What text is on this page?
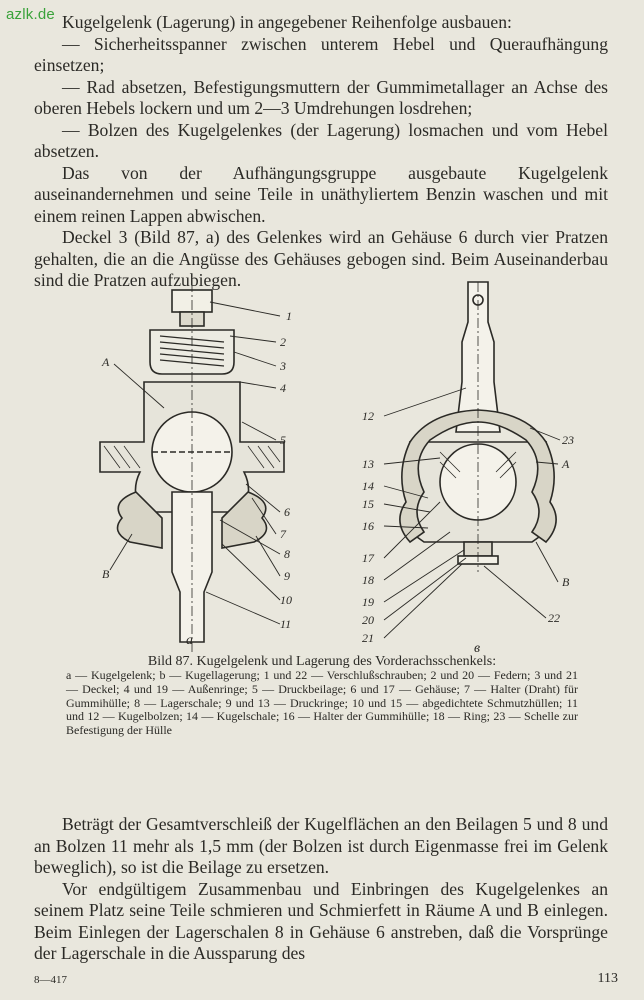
azlk.de Kugelgelenk (Lagerung) in angegebener Reihenfolge ausbauen:

— Sicherheitsspanner zwischen unterem Hebel und Queraufhängung einsetzen;

— Rad absetzen, Befestigungsmuttern der Gummimetallager an Achse des oberen Hebels lockern und um 2—3 Umdrehungen losdrehen;

— Bolzen des Kugelgelenkes (der Lagerung) losmachen und vom Hebel absetzen.

Das von der Aufhängungsgruppe ausgebaute Kugelgelenk auseinandernehmen und seine Teile in unäthyliertem Benzin waschen und mit einem reinen Lappen abwischen.

Deckel 3 (Bild 87, a) des Gelenkes wird an Gehäuse 6 durch vier Pratzen gehalten, die an die Angüsse des Gehäuses gebogen sind. Beim Auseinanderbau sind die Pratzen aufzubiegen.

1
2
3
4
5
6
7
8
9
10
11
A
B
a
12
13
14
15
16
17
18
19
20
21
22
23
A
B
в
Bild 87. Kugelgelenk und Lagerung des Vorderachsschenkels:
a — Kugelgelenk; b — Kugellagerung; 1 und 22 — Verschlußschrauben; 2 und 20 — Federn; 3 und 21 — Deckel; 4 und 19 — Außenringe; 5 — Druckbeilage; 6 und 17 — Gehäuse; 7 — Halter (Draht) für Gummihülle; 8 — Lagerschale; 9 und 13 — Druckringe; 10 und 15 — abgedichtete Schmutzhüllen; 11 und 12 — Kugelbolzen; 14 — Kugelschale; 16 — Halter der Gummihülle; 18 — Ring; 23 — Schelle zur Befestigung der Hülle

Beträgt der Gesamtverschleiß der Kugelflächen an den Beilagen 5 und 8 und an Bolzen 11 mehr als 1,5 mm (der Bolzen ist durch Eigenmasse frei im Gelenk beweglich), so ist die Beilage zu ersetzen.

Vor endgültigem Zusammenbau und Einbringen des Kugelgelenkes an seinem Platz seine Teile schmieren und Schmierfett in Räume A und B einlegen. Beim Einlegen der Lagerschalen 8 in Gehäuse 6 anstreben, daß die Vorsprünge der Lagerschale in die Aussparung des

8—417	113
